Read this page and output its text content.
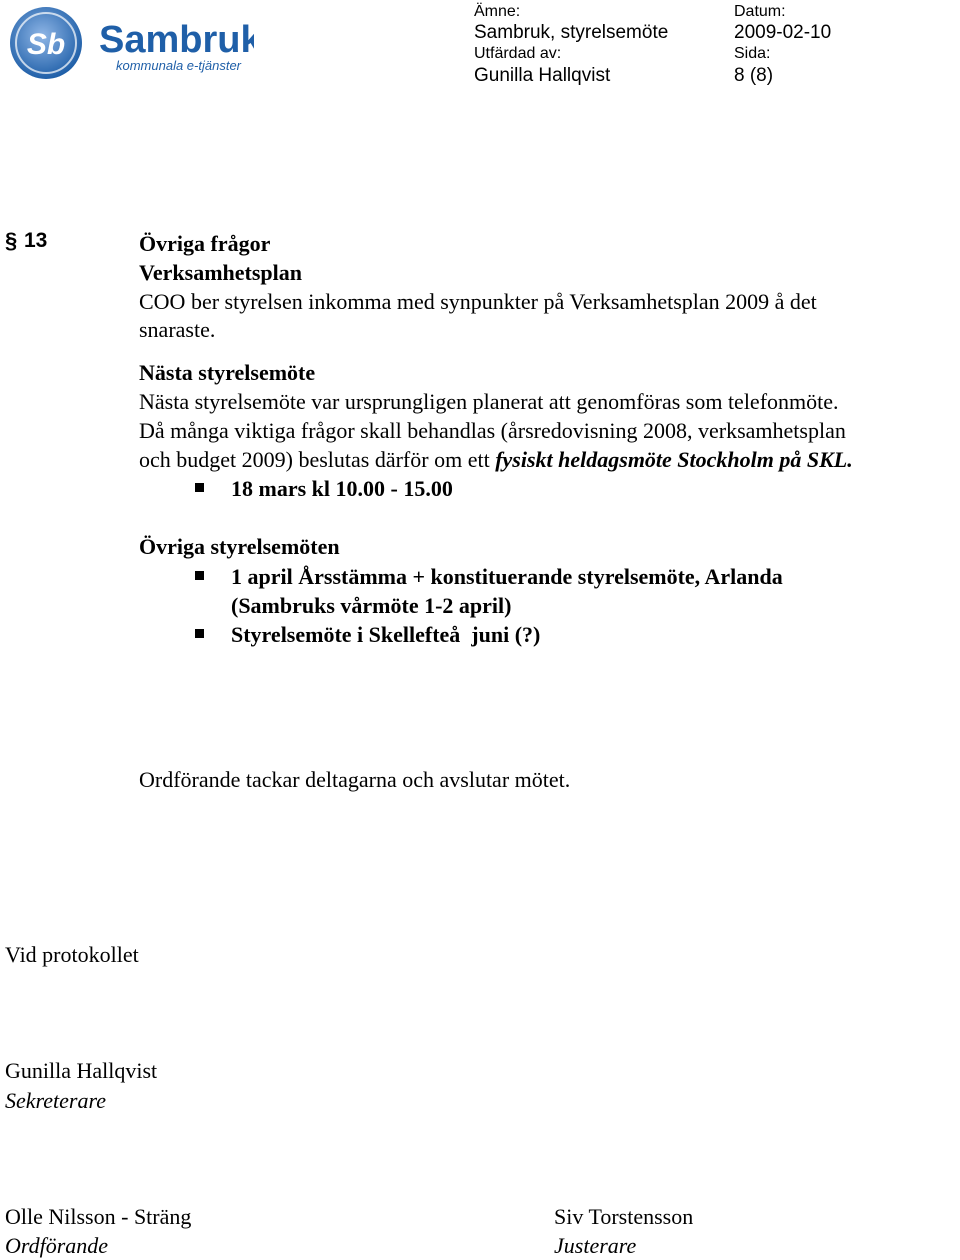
Sb Sambruk
kommunala e-tjänster
Ämne:
Sambruk, styrelsemöte
Datum:
2009-02-10
Utfärdad av:
Gunilla Hallqvist
Sida:
8 (8)
§ 13	Övriga frågor
Verksamhetsplan
COO ber styrelsen inkomma med synpunkter på Verksamhetsplan 2009 å det
snaraste.
Nästa styrelsemöte
Nästa styrelsemöte var ursprungligen planerat att genomföras som telefonmöte.
Då många viktiga frågor skall behandlas (årsredovisning 2008, verksamhetsplan
och budget 2009) beslutas därför om ett fysiskt heldagsmöte Stockholm på SKL.
18 mars kl 10.00 - 15.00
Övriga styrelsemöten
1 april Årsstämma + konstituerande styrelsemöte, Arlanda
(Sambruks vårmöte 1-2 april)
Styrelsemöte i Skellefteå  juni (?)
Ordförande tackar deltagarna och avslutar mötet.
Vid protokollet
Gunilla Hallqvist
Sekreterare
Olle Nilsson - Sträng
Ordförande
Siv Torstensson
Justerare
